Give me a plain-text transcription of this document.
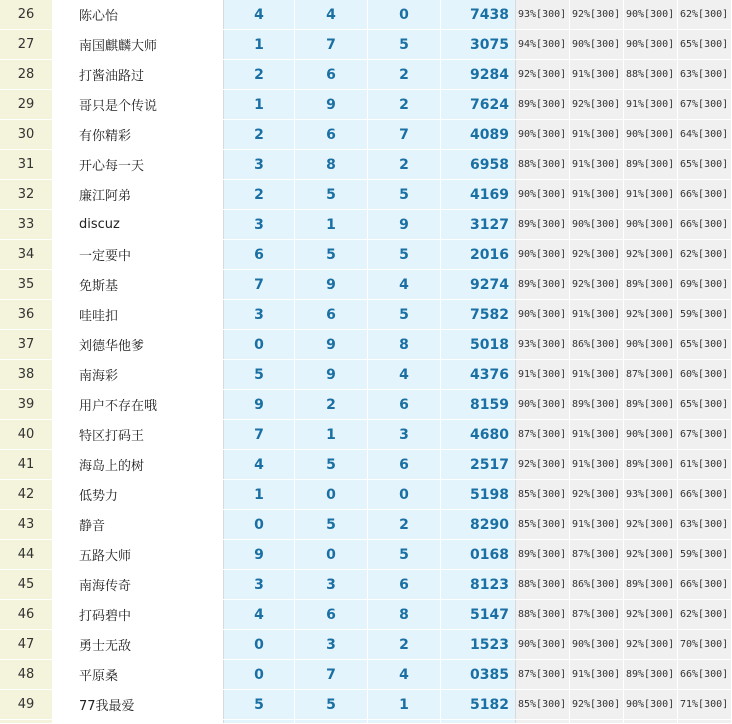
26	陈心怡	4	4	0	7438	93%[300]	92%[300]	90%[300]	62%[300]
27	南国麒麟大师	1	7	5	3075	94%[300]	90%[300]	90%[300]	65%[300]
28	打酱油路过	2	6	2	9284	92%[300]	91%[300]	88%[300]	63%[300]
29	哥只是个传说	1	9	2	7624	89%[300]	92%[300]	91%[300]	67%[300]
30	有你精彩	2	6	7	4089	90%[300]	91%[300]	90%[300]	64%[300]
31	开心每一天	3	8	2	6958	88%[300]	91%[300]	89%[300]	65%[300]
32	廉江阿弟	2	5	5	4169	90%[300]	91%[300]	91%[300]	66%[300]
33	discuz	3	1	9	3127	89%[300]	90%[300]	90%[300]	66%[300]
34	一定要中	6	5	5	2016	90%[300]	92%[300]	92%[300]	62%[300]
35	免斯基	7	9	4	9274	89%[300]	92%[300]	89%[300]	69%[300]
36	哇哇扣	3	6	5	7582	90%[300]	91%[300]	92%[300]	59%[300]
37	刘德华他爹	0	9	8	5018	93%[300]	86%[300]	90%[300]	65%[300]
38	南海彩	5	9	4	4376	91%[300]	91%[300]	87%[300]	60%[300]
39	用户不存在哦	9	2	6	8159	90%[300]	89%[300]	89%[300]	65%[300]
40	特区打码王	7	1	3	4680	87%[300]	91%[300]	90%[300]	67%[300]
41	海岛上的树	4	5	6	2517	92%[300]	91%[300]	89%[300]	61%[300]
42	低势力	1	0	0	5198	85%[300]	92%[300]	93%[300]	66%[300]
43	静音	0	5	2	8290	85%[300]	91%[300]	92%[300]	63%[300]
44	五路大师	9	0	5	0168	89%[300]	87%[300]	92%[300]	59%[300]
45	南海传奇	3	3	6	8123	88%[300]	86%[300]	89%[300]	66%[300]
46	打码碧中	4	6	8	5147	88%[300]	87%[300]	92%[300]	62%[300]
47	勇士无敌	0	3	2	1523	90%[300]	90%[300]	92%[300]	70%[300]
48	平原桑	0	7	4	0385	87%[300]	91%[300]	89%[300]	66%[300]
49	77我最爱	5	5	1	5182	85%[300]	92%[300]	90%[300]	71%[300]
